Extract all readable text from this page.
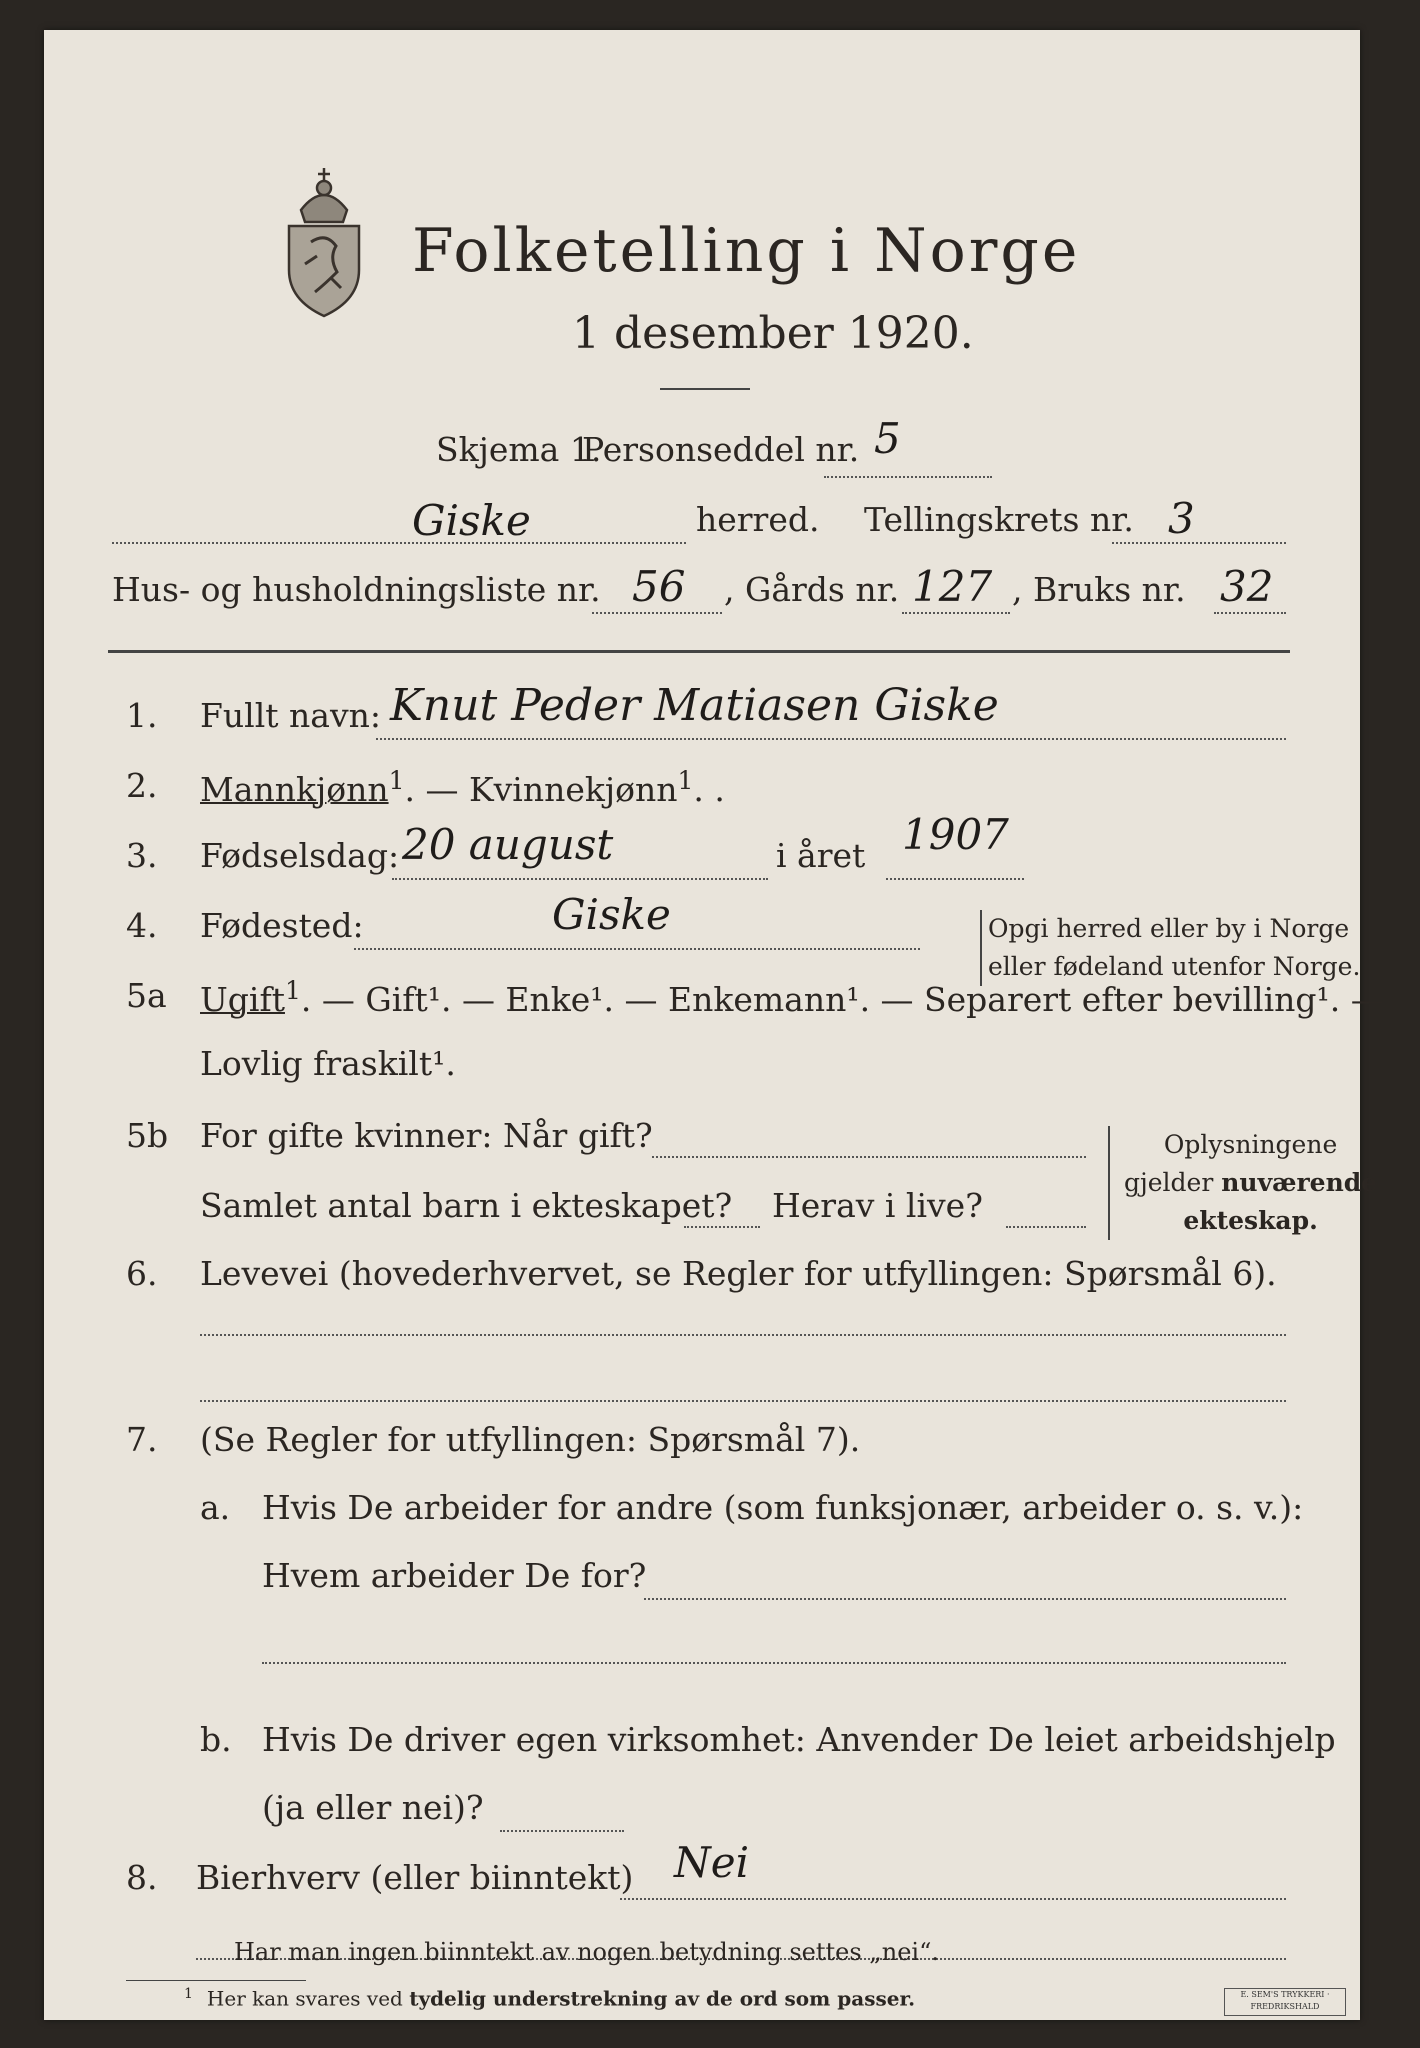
Folketelling i Norge
1 desember 1920.
Skjema 1.
Personseddel nr. 5
Giske	herred. Tellingskrets nr. 3
Hus- og husholdningsliste nr. 56 , Gårds nr. 127 , Bruks nr. 32
1. Fullt navn: Knut Peder Matiasen Giske
2. Mannkjønn$^1$. — Kvinnekjønn$^1$. .
3. Fødselsdag: 20 august	i året 1907
4. Fødested:	Giske	Opgi herred eller by i Norge
eller fødeland utenfor Norge.
5a Ugift$^1$. — Gift¹. — Enke¹. — Enkemann¹. — Separert efter bevilling¹. —
Lovlig fraskilt¹.
5b For gifte kvinner: Når gift?
Samlet antal barn i ekteskapet? Herav i live?
Oplysningene
gjelder nuværende
ekteskap.
6. Levevei (hovederhvervet, se Regler for utfyllingen: Spørsmål 6).
7. (Se Regler for utfyllingen: Spørsmål 7).
a. Hvis De arbeider for andre (som funksjonær, arbeider o. s. v.):
Hvem arbeider De for?
b. Hvis De driver egen virksomhet: Anvender De leiet arbeidshjelp
(ja eller nei)?
8. Bierhverv (eller biinntekt) Nei
Har man ingen biinntekt av nogen betydning settes „nei“.
$^1$ Her kan svares ved tydelig understrekning av de ord som passer.	E. SEM'S TRYKKERI · FREDRIKSHALD
